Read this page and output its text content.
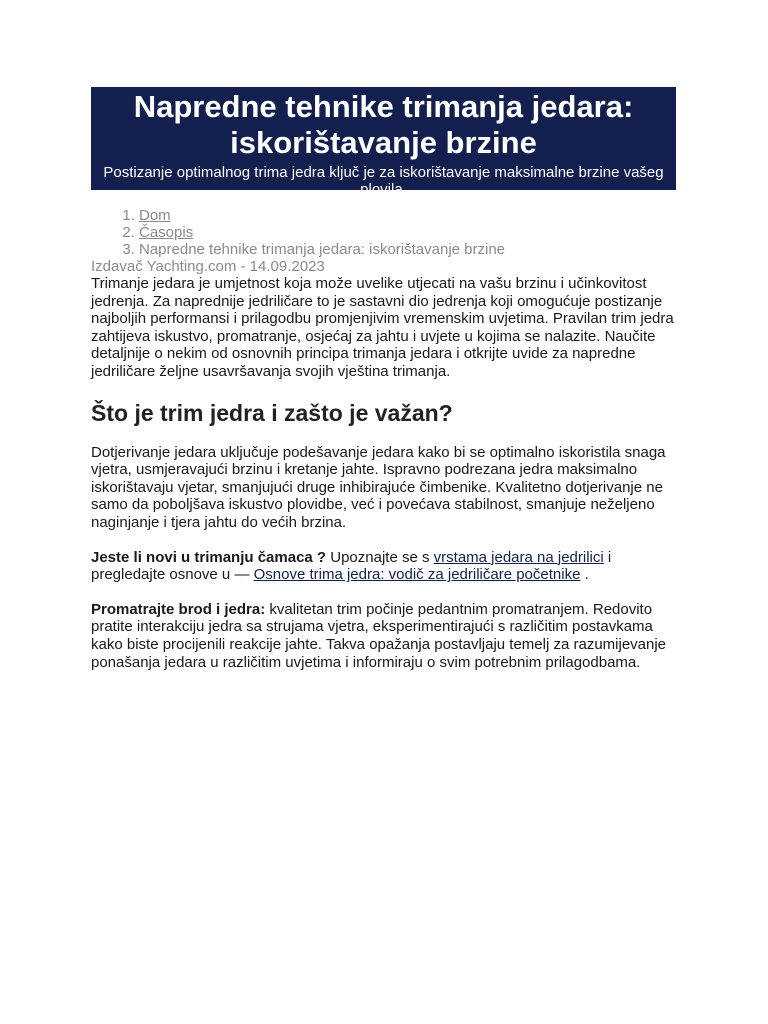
Napredne tehnike trimanja jedara: iskorištavanje brzine
Postizanje optimalnog trima jedra ključ je za iskorištavanje maksimalne brzine vašeg plovila.
1. Dom
2. Časopis
3. Napredne tehnike trimanja jedara: iskorištavanje brzine
Izdavač Yachting.com - 14.09.2023

Trimanje jedara je umjetnost koja može uvelike utjecati na vašu brzinu i učinkovitost jedrenja. Za naprednije jedriličare to je sastavni dio jedrenja koji omogućuje postizanje najboljih performansi i prilagodbu promjenjivim vremenskim uvjetima. Pravilan trim jedra zahtijeva iskustvo, promatranje, osjećaj za jahtu i uvjete u kojima se nalazite. Naučite detaljnije o nekim od osnovnih principa trimanja jedara i otkrijte uvide za napredne jedriličare željne usavršavanja svojih vještina trimanja.

Što je trim jedra i zašto je važan?

Dotjerivanje jedara uključuje podešavanje jedara kako bi se optimalno iskoristila snaga vjetra, usmjeravajući brzinu i kretanje jahte. Ispravno podrezana jedra maksimalno iskorištavaju vjetar, smanjujući druge inhibirajuće čimbenike. Kvalitetno dotjerivanje ne samo da poboljšava iskustvo plovidbe, već i povećava stabilnost, smanjuje neželjeno naginjanje i tjera jahtu do većih brzina.

Jeste li novi u trimanju čamaca ? Upoznajte se s vrstama jedara na jedrilici i pregledajte osnove u — Osnove trima jedra: vodič za jedriličare početnike .

Promatrajte brod i jedra: kvalitetan trim počinje pedantnim promatranjem. Redovito pratite interakciju jedra sa strujama vjetra, eksperimentirajući s različitim postavkama kako biste procijenili reakcije jahte. Takva opažanja postavljaju temelj za razumijevanje ponašanja jedara u različitim uvjetima i informiraju o svim potrebnim prilagodbama.
